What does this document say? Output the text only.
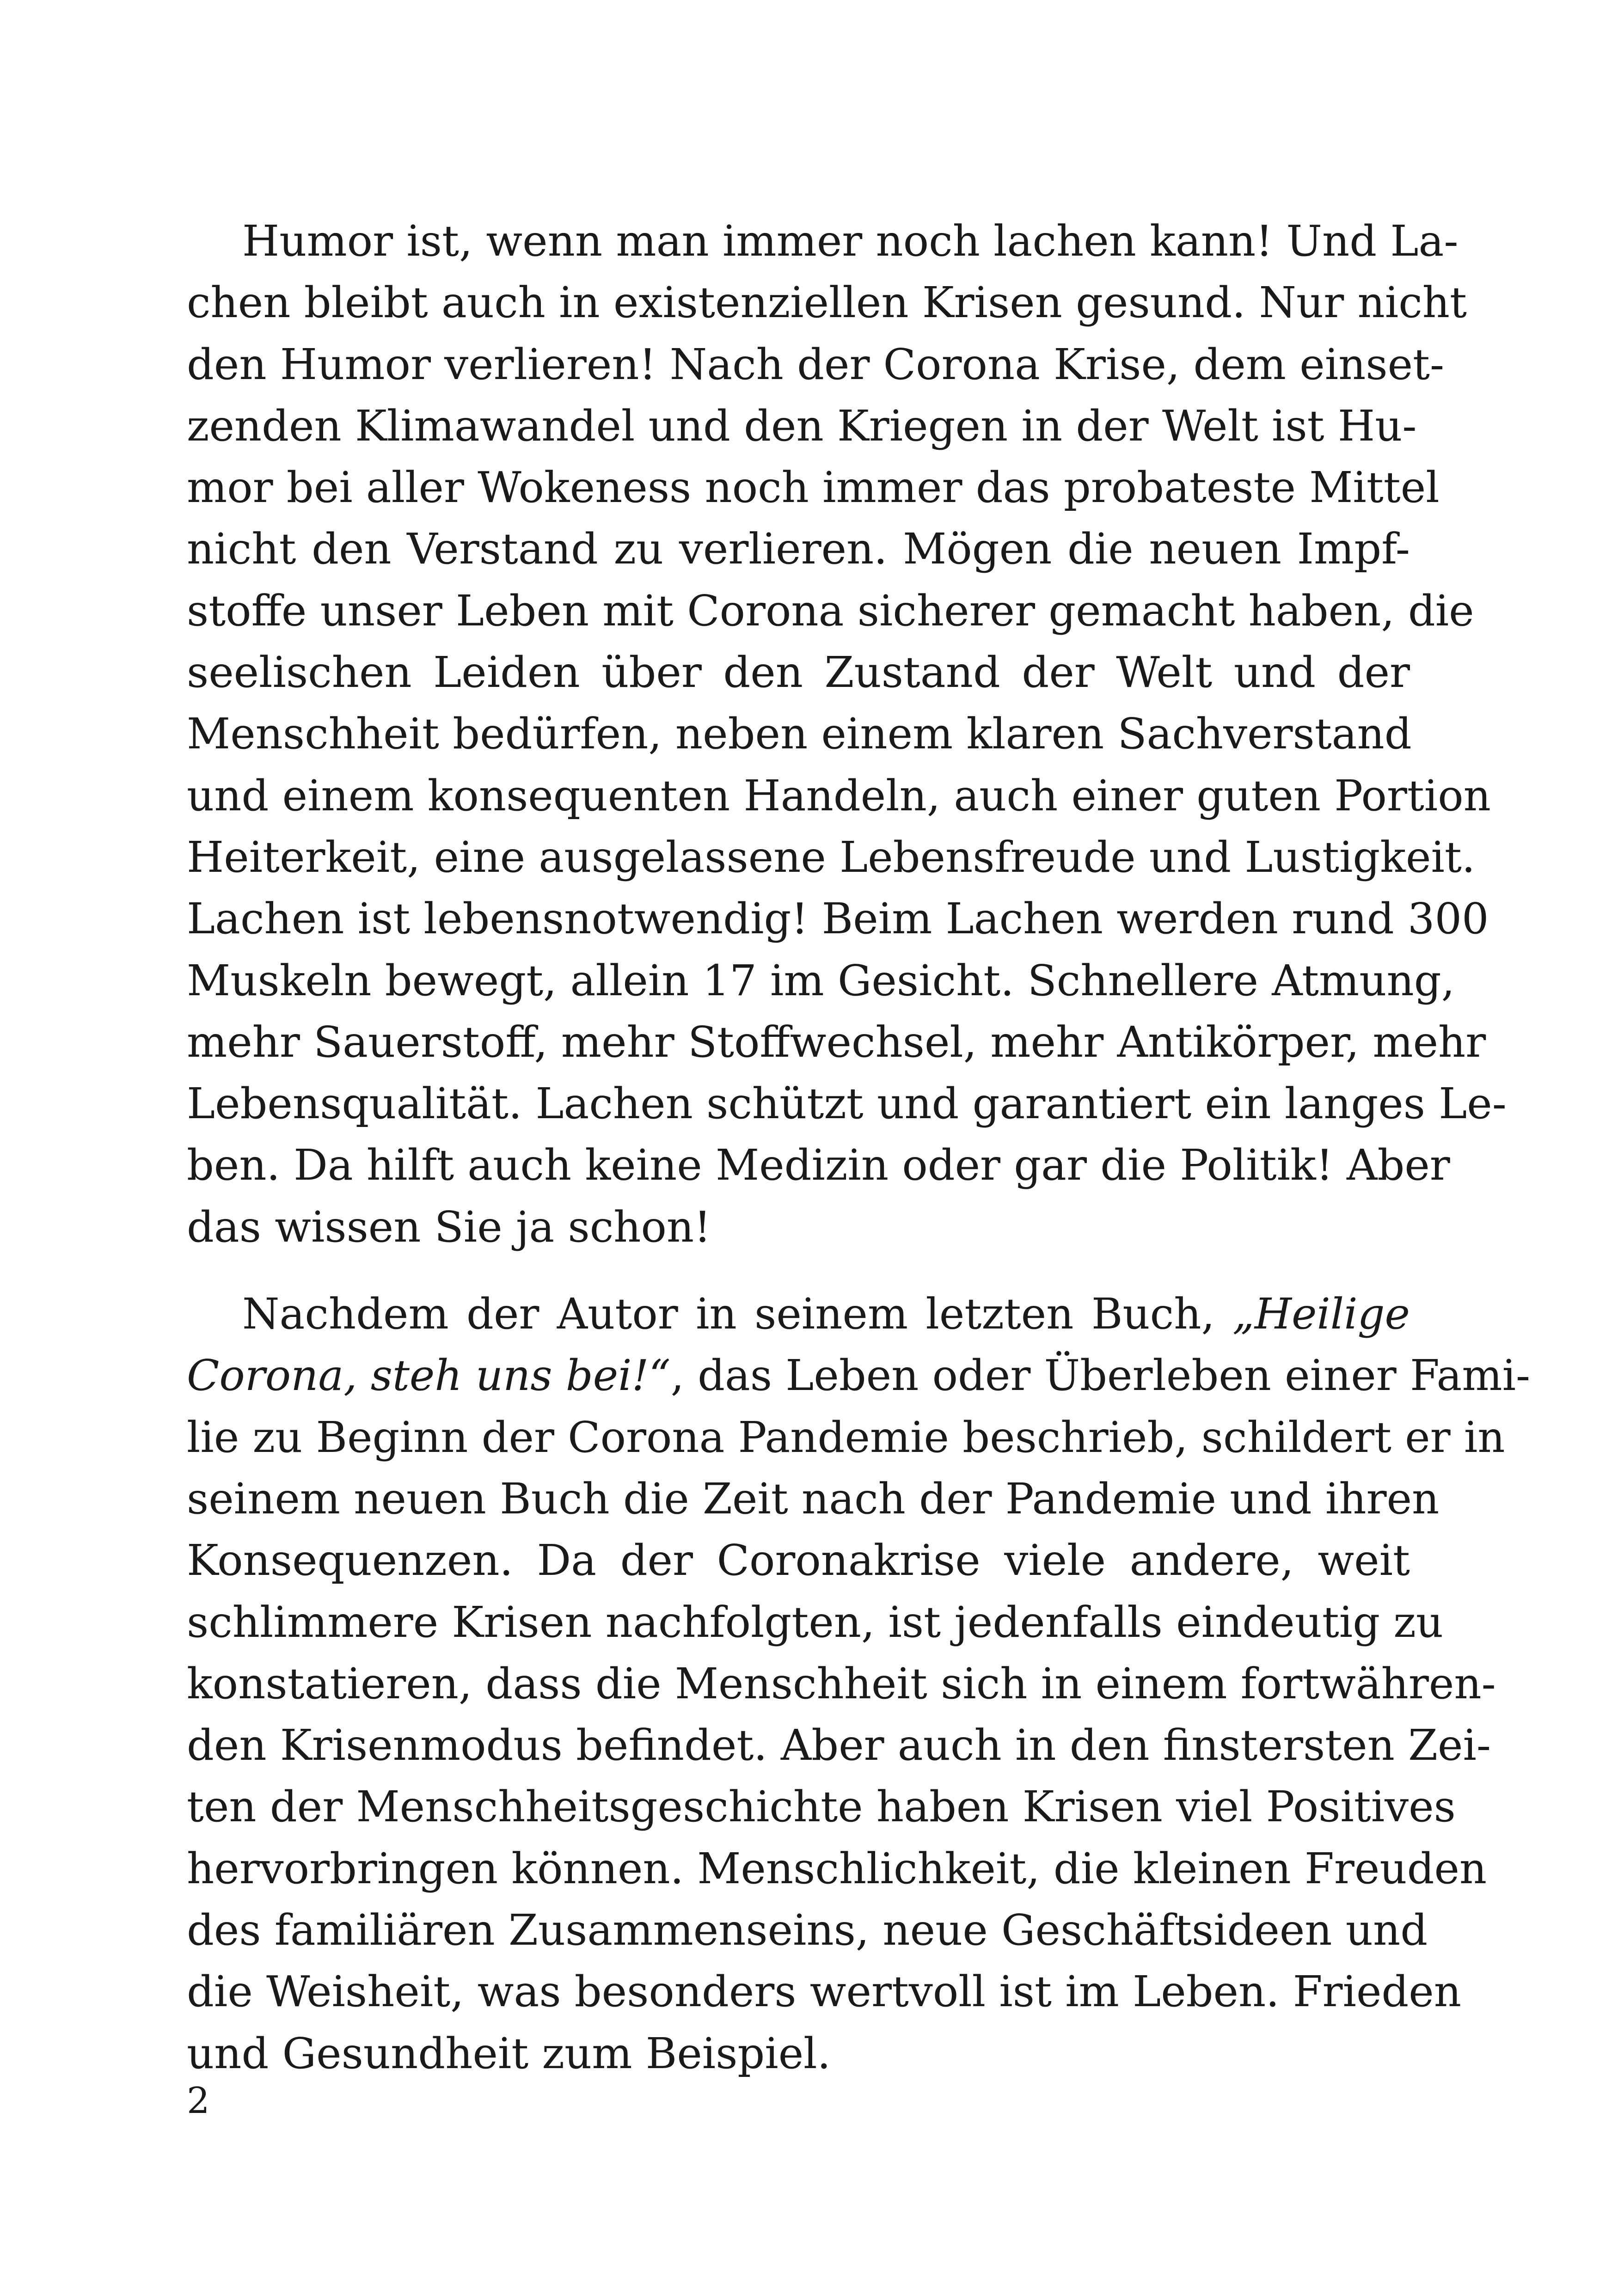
Humor ist, wenn man immer noch lachen kann! Und La-
chen bleibt auch in existenziellen Krisen gesund. Nur nicht
den Humor verlieren! Nach der Corona Krise, dem einset-
zenden Klimawandel und den Kriegen in der Welt ist Hu-
mor bei aller Wokeness noch immer das probateste Mittel
nicht den Verstand zu verlieren. Mögen die neuen Impf-
stoffe unser Leben mit Corona sicherer gemacht haben, die
seelischen Leiden über den Zustand der Welt und der
Menschheit bedürfen, neben einem klaren Sachverstand
und einem konsequenten Handeln, auch einer guten Portion
Heiterkeit, eine ausgelassene Lebensfreude und Lustigkeit.
Lachen ist lebensnotwendig! Beim Lachen werden rund 300
Muskeln bewegt, allein 17 im Gesicht. Schnellere Atmung,
mehr Sauerstoff, mehr Stoffwechsel, mehr Antikörper, mehr
Lebensqualität. Lachen schützt und garantiert ein langes Le-
ben. Da hilft auch keine Medizin oder gar die Politik! Aber
das wissen Sie ja schon!
Nachdem der Autor in seinem letzten Buch, „Heilige
Corona, steh uns bei!“, das Leben oder Überleben einer Fami-
lie zu Beginn der Corona Pandemie beschrieb, schildert er in
seinem neuen Buch die Zeit nach der Pandemie und ihren
Konsequenzen. Da der Coronakrise viele andere, weit
schlimmere Krisen nachfolgten, ist jedenfalls eindeutig zu
konstatieren, dass die Menschheit sich in einem fortwähren-
den Krisenmodus befindet. Aber auch in den finstersten Zei-
ten der Menschheitsgeschichte haben Krisen viel Positives
hervorbringen können. Menschlichkeit, die kleinen Freuden
des familiären Zusammenseins, neue Geschäftsideen und
die Weisheit, was besonders wertvoll ist im Leben. Frieden
und Gesundheit zum Beispiel.
2
